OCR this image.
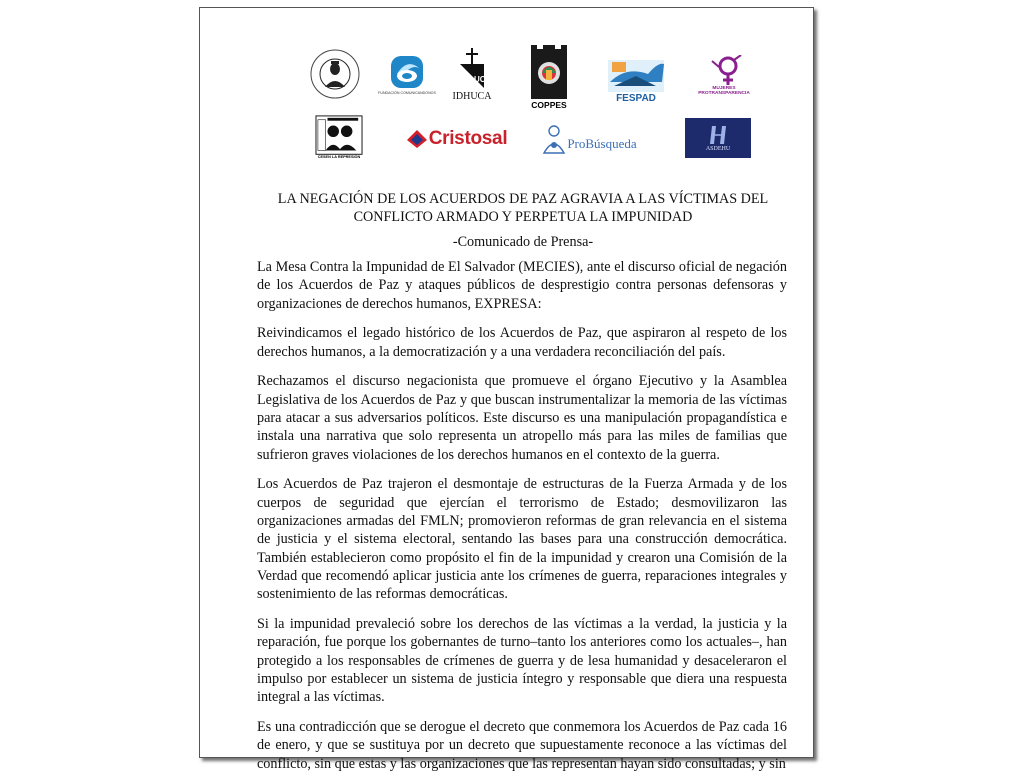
FUNDACIÓN COMUNICANDONOS
UCA
IDHUCA
COPPES
FESPAD
MUJERES PROTRANSPARENCIA
CESEN LA REPRESIÓN
Cristosal	ProBúsqueda	ASDEHU
LA NEGACIÓN DE LOS ACUERDOS DE PAZ AGRAVIA A LAS VÍCTIMAS DEL CONFLICTO ARMADO Y PERPETUA LA IMPUNIDAD
-Comunicado de Prensa-

La Mesa Contra la Impunidad de El Salvador (MECIES), ante el discurso oficial de negación de los Acuerdos de Paz y ataques públicos de desprestigio contra personas defensoras y organizaciones de derechos humanos, EXPRESA:

Reivindicamos el legado histórico de los Acuerdos de Paz, que aspiraron al respeto de los derechos humanos, a la democratización y a una verdadera reconciliación del país.

Rechazamos el discurso negacionista que promueve el órgano Ejecutivo y la Asamblea Legislativa de los Acuerdos de Paz y que buscan instrumentalizar la memoria de las víctimas para atacar a sus adversarios políticos. Este discurso es una manipulación propagandística e instala una narrativa que solo representa un atropello más para las miles de familias que sufrieron graves violaciones de los derechos humanos en el contexto de la guerra.

Los Acuerdos de Paz trajeron el desmontaje de estructuras de la Fuerza Armada y de los cuerpos de seguridad que ejercían el terrorismo de Estado; desmovilizaron las organizaciones armadas del FMLN; promovieron reformas de gran relevancia en el sistema de justicia y el sistema electoral, sentando las bases para una construcción democrática. También establecieron como propósito el fin de la impunidad y crearon una Comisión de la Verdad que recomendó aplicar justicia ante los crímenes de guerra, reparaciones integrales y sostenimiento de las reformas democráticas.

Si la impunidad prevaleció sobre los derechos de las víctimas a la verdad, la justicia y la reparación, fue porque los gobernantes de turno–tanto los anteriores como los actuales–, han protegido a los responsables de crímenes de guerra y de lesa humanidad y desaceleraron el impulso por establecer un sistema de justicia íntegro y responsable que diera una respuesta integral a las víctimas.

Es una contradicción que se derogue el decreto que conmemora los Acuerdos de Paz cada 16 de enero, y que se sustituya por un decreto que supuestamente reconoce a las víctimas del conflicto, sin que estas y las organizaciones que las representan hayan sido consultadas; y sin
